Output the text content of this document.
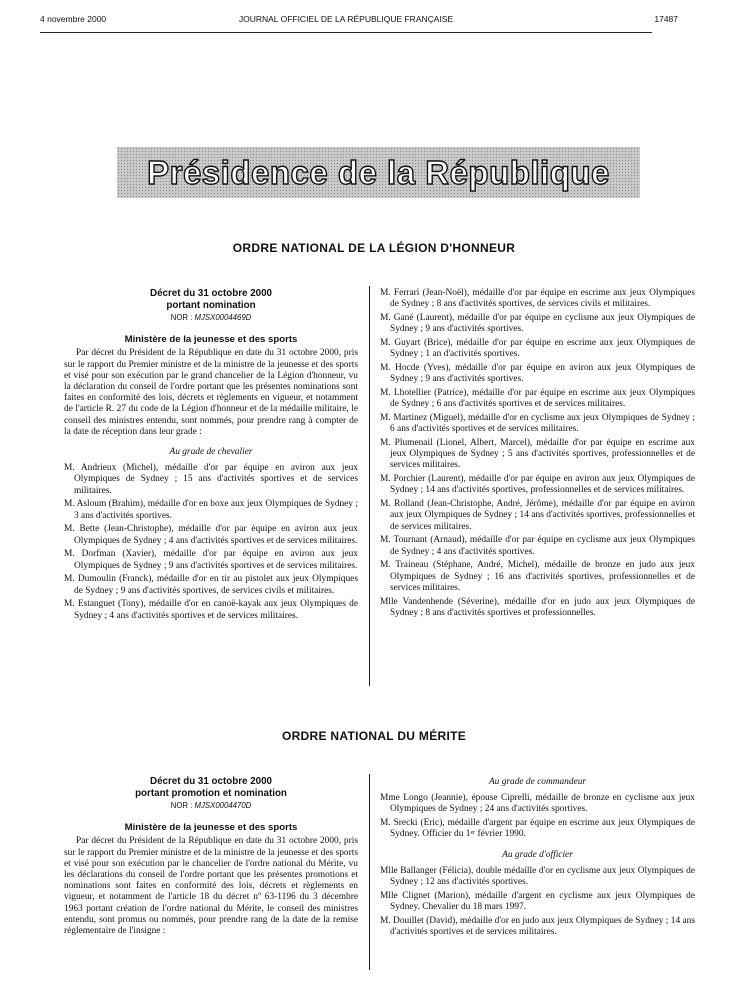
4 novembre 2000	JOURNAL OFFICIEL DE LA RÉPUBLIQUE FRANÇAISE	17487
Présidence de la République
ORDRE NATIONAL DE LA LÉGION D'HONNEUR
Décret du 31 octobre 2000
portant nomination
NOR : MJSX0004469D
Ministère de la jeunesse et des sports

Par décret du Président de la République en date du 31 octobre 2000, pris sur le rapport du Premier ministre et de la ministre de la jeunesse et des sports et visé pour son exécution par le grand chancelier de la Légion d'honneur, vu la déclaration du conseil de l'ordre portant que les présentes nominations sont faites en conformité des lois, décrets et règlements en vigueur, et notamment de l'article R. 27 du code de la Légion d'honneur et de la médaille militaire, le conseil des ministres entendu, sont nommés, pour prendre rang à compter de la date de réception dans leur grade :

Au grade de chevalier

M. Andrieux (Michel), médaille d'or par équipe en aviron aux jeux Olympiques de Sydney ; 15 ans d'activités sportives et de services militaires.

M. Asloum (Brahim), médaille d'or en boxe aux jeux Olympiques de Sydney ; 3 ans d'activités sportives.

M. Bette (Jean-Christophe), médaille d'or par équipe en aviron aux jeux Olympiques de Sydney ; 4 ans d'activités sportives et de services militaires.

M. Dorfman (Xavier), médaille d'or par équipe en aviron aux jeux Olympiques de Sydney ; 9 ans d'activités sportives et de services militaires.

M. Dumoulin (Franck), médaille d'or en tir au pistolet aux jeux Olympiques de Sydney ; 9 ans d'activités sportives, de services civils et militaires.

M. Estanguet (Tony), médaille d'or en canoë-kayak aux jeux Olympiques de Sydney ; 4 ans d'activités sportives et de services militaires.

M. Ferrari (Jean-Noël), médaille d'or par équipe en escrime aux jeux Olympiques de Sydney ; 8 ans d'activités sportives, de services civils et militaires.

M. Gané (Laurent), médaille d'or par équipe en cyclisme aux jeux Olympiques de Sydney ; 9 ans d'activités sportives.

M. Guyart (Brice), médaille d'or par équipe en escrime aux jeux Olympiques de Sydney ; 1 an d'activités sportives.

M. Hocde (Yves), médaille d'or par équipe en aviron aux jeux Olympiques de Sydney ; 9 ans d'activités sportives.

M. Lhotellier (Patrice), médaille d'or par équipe en escrime aux jeux Olympiques de Sydney ; 6 ans d'activités sportives et de services militaires.

M. Martinez (Miguel), médaille d'or en cyclisme aux jeux Olympiques de Sydney ; 6 ans d'activités sportives et de services militaires.

M. Plumenail (Lionel, Albert, Marcel), médaille d'or par équipe en escrime aux jeux Olympiques de Sydney ; 5 ans d'activités sportives, professionnelles et de services militaires.

M. Porchier (Laurent), médaille d'or par équipe en aviron aux jeux Olympiques de Sydney ; 14 ans d'activités sportives, professionnelles et de services militaires.

M. Rolland (Jean-Christophe, André, Jérôme), médaille d'or par équipe en aviron aux jeux Olympiques de Sydney ; 14 ans d'activités sportives, professionnelles et de services militaires.

M. Tournant (Arnaud), médaille d'or par équipe en cyclisme aux jeux Olympiques de Sydney ; 4 ans d'activités sportives.

M. Traineau (Stéphane, André, Michel), médaille de bronze en judo aux jeux Olympiques de Sydney ; 16 ans d'activités sportives, professionnelles et de services militaires.

Mlle Vandenhende (Séverine), médaille d'or en judo aux jeux Olympiques de Sydney ; 8 ans d'activités sportives et professionnelles.

ORDRE NATIONAL DU MÉRITE
Décret du 31 octobre 2000
portant promotion et nomination
NOR : MJSX0004470D
Ministère de la jeunesse et des sports

Par décret du Président de la République en date du 31 octobre 2000, pris sur le rapport du Premier ministre et de la ministre de la jeunesse et des sports et visé pour son exécution par le chancelier de l'ordre national du Mérite, vu les déclarations du conseil de l'ordre portant que les présentes promotions et nominations sont faites en conformité des lois, décrets et règlements en vigueur, et notamment de l'article 18 du décret nº 63-1196 du 3 décembre 1963 portant création de l'ordre national du Mérite, le conseil des ministres entendu, sont promus ou nommés, pour prendre rang de la date de la remise réglementaire de l'insigne :

Au grade de commandeur

Mme Longo (Jeannie), épouse Ciprelli, médaille de bronze en cyclisme aux jeux Olympiques de Sydney ; 24 ans d'activités sportives.

M. Srecki (Eric), médaille d'argent par équipe en escrime aux jeux Olympiques de Sydney. Officier du 1er février 1990.

Au grade d'officier

Mlle Ballanger (Félicia), double médaille d'or en cyclisme aux jeux Olympiques de Sydney ; 12 ans d'activités sportives.

Mlle Clignet (Marion), médaille d'argent en cyclisme aux jeux Olympiques de Sydney. Chevalier du 18 mars 1997.

M. Douillet (David), médaille d'or en judo aux jeux Olympiques de Sydney ; 14 ans d'activités sportives et de services militaires.
